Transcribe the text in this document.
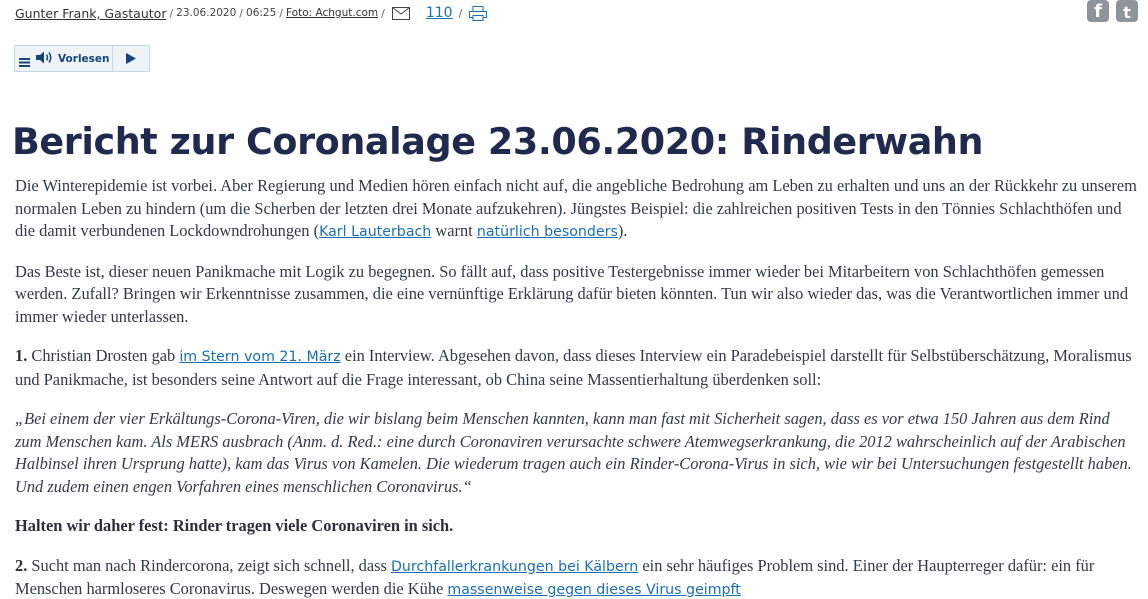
Gunter Frank, Gastautor / 23.06.2020 / 06:25 / Foto: Achgut.com /	110 /	f t
Vorlesen
Bericht zur Coronalage 23.06.2020: Rinderwahn

Die Winterepidemie ist vorbei. Aber Regierung und Medien hören einfach nicht auf, die angebliche Bedrohung am Leben zu erhalten und uns an der Rückkehr zu unserem normalen Leben zu hindern (um die Scherben der letzten drei Monate aufzukehren). Jüngstes Beispiel: die zahlreichen positiven Tests in den Tönnies Schlachthöfen und die damit verbundenen Lockdowndrohungen (Karl Lauterbach warnt natürlich besonders).

Das Beste ist, dieser neuen Panikmache mit Logik zu begegnen. So fällt auf, dass positive Testergebnisse immer wieder bei Mitarbeitern von Schlachthöfen gemessen werden. Zufall? Bringen wir Erkenntnisse zusammen, die eine vernünftige Erklärung dafür bieten könnten. Tun wir also wieder das, was die Verantwortlichen immer und immer wieder unterlassen.

1. Christian Drosten gab im Stern vom 21. März ein Interview. Abgesehen davon, dass dieses Interview ein Paradebeispiel darstellt für Selbstüberschätzung, Moralismus und Panikmache, ist besonders seine Antwort auf die Frage interessant, ob China seine Massentierhaltung überdenken soll:

„Bei einem der vier Erkältungs-Corona-Viren, die wir bislang beim Menschen kannten, kann man fast mit Sicherheit sagen, dass es vor etwa 150 Jahren aus dem Rind zum Menschen kam. Als MERS ausbrach (Anm. d. Red.: eine durch Coronaviren verursachte schwere Atemwegserkrankung, die 2012 wahrscheinlich auf der Arabischen Halbinsel ihren Ursprung hatte), kam das Virus von Kamelen. Die wiederum tragen auch ein Rinder-Corona-Virus in sich, wie wir bei Untersuchungen festgestellt haben. Und zudem einen engen Vorfahren eines menschlichen Coronavirus.“

Halten wir daher fest: Rinder tragen viele Coronaviren in sich.

2. Sucht man nach Rindercorona, zeigt sich schnell, dass Durchfallerkrankungen bei Kälbern ein sehr häufiges Problem sind. Einer der Haupterreger dafür: ein für Menschen harmloseres Coronavirus. Deswegen werden die Kühe massenweise gegen dieses Virus geimpft
